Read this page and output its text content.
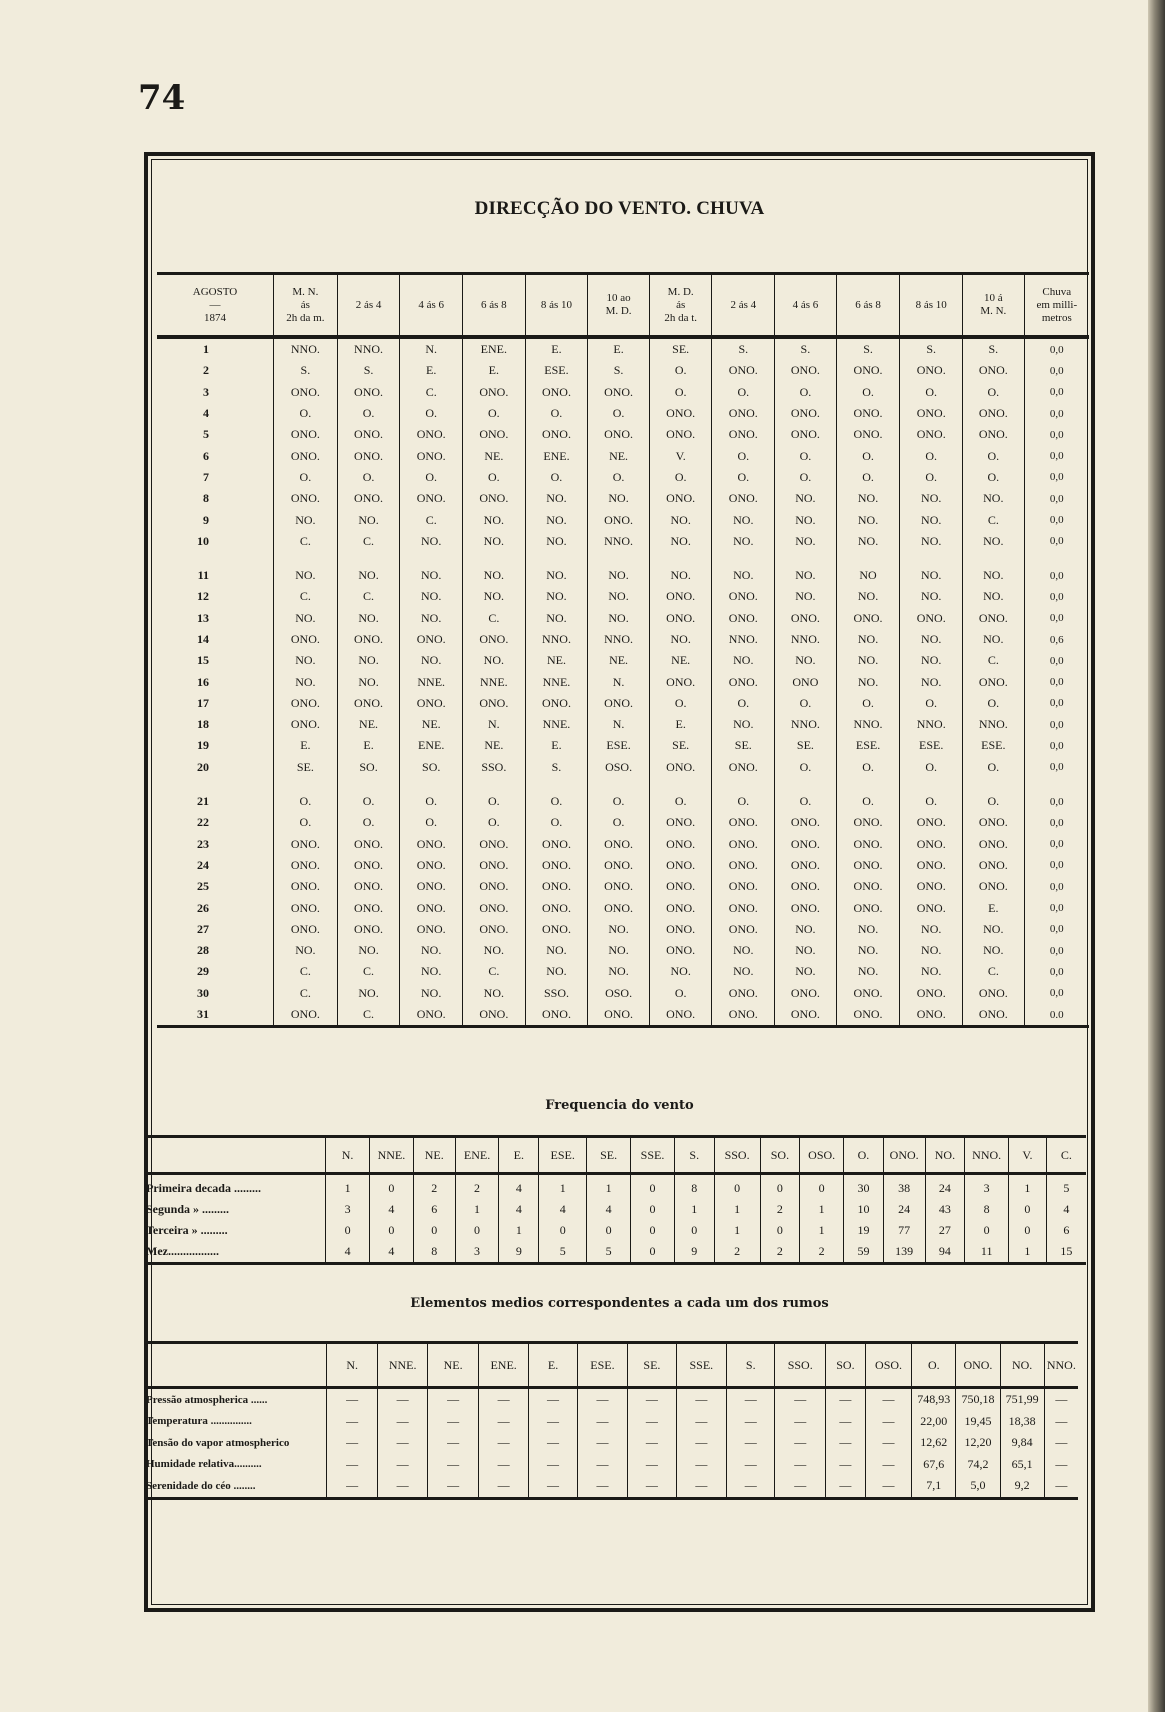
74
DIRECÇÃO DO VENTO. CHUVA
AGOSTO
—
1874	M. N.
ás
2h da m.	2 ás 4	4 ás 6	6 ás 8	8 ás 10	10 ao
M. D.	M. D.
ás
2h da t.	2 ás 4	4 ás 6	6 ás 8	8 ás 10	10 á
M. N.	Chuva
em milli-
metros
1	NNO.	NNO.	N.	ENE.	E.	E.	SE.	S.	S.	S.	S.	S.	0,0
2	S.	S.	E.	E.	ESE.	S.	O.	ONO.	ONO.	ONO.	ONO.	ONO.	0,0
3	ONO.	ONO.	C.	ONO.	ONO.	ONO.	O.	O.	O.	O.	O.	O.	0,0
4	O.	O.	O.	O.	O.	O.	ONO.	ONO.	ONO.	ONO.	ONO.	ONO.	0,0
5	ONO.	ONO.	ONO.	ONO.	ONO.	ONO.	ONO.	ONO.	ONO.	ONO.	ONO.	ONO.	0,0
6	ONO.	ONO.	ONO.	NE.	ENE.	NE.	V.	O.	O.	O.	O.	O.	0,0
7	O.	O.	O.	O.	O.	O.	O.	O.	O.	O.	O.	O.	0,0
8	ONO.	ONO.	ONO.	ONO.	NO.	NO.	ONO.	ONO.	NO.	NO.	NO.	NO.	0,0
9	NO.	NO.	C.	NO.	NO.	ONO.	NO.	NO.	NO.	NO.	NO.	C.	0,0
10	C.	C.	NO.	NO.	NO.	NNO.	NO.	NO.	NO.	NO.	NO.	NO.	0,0

11	NO.	NO.	NO.	NO.	NO.	NO.	NO.	NO.	NO.	NO	NO.	NO.	0,0
12	C.	C.	NO.	NO.	NO.	NO.	ONO.	ONO.	NO.	NO.	NO.	NO.	0,0
13	NO.	NO.	NO.	C.	NO.	NO.	ONO.	ONO.	ONO.	ONO.	ONO.	ONO.	0,0
14	ONO.	ONO.	ONO.	ONO.	NNO.	NNO.	NO.	NNO.	NNO.	NO.	NO.	NO.	0,6
15	NO.	NO.	NO.	NO.	NE.	NE.	NE.	NO.	NO.	NO.	NO.	C.	0,0
16	NO.	NO.	NNE.	NNE.	NNE.	N.	ONO.	ONO.	ONO	NO.	NO.	ONO.	0,0
17	ONO.	ONO.	ONO.	ONO.	ONO.	ONO.	O.	O.	O.	O.	O.	O.	0,0
18	ONO.	NE.	NE.	N.	NNE.	N.	E.	NO.	NNO.	NNO.	NNO.	NNO.	0,0
19	E.	E.	ENE.	NE.	E.	ESE.	SE.	SE.	SE.	ESE.	ESE.	ESE.	0,0
20	SE.	SO.	SO.	SSO.	S.	OSO.	ONO.	ONO.	O.	O.	O.	O.	0,0

21	O.	O.	O.	O.	O.	O.	O.	O.	O.	O.	O.	O.	0,0
22	O.	O.	O.	O.	O.	O.	ONO.	ONO.	ONO.	ONO.	ONO.	ONO.	0,0
23	ONO.	ONO.	ONO.	ONO.	ONO.	ONO.	ONO.	ONO.	ONO.	ONO.	ONO.	ONO.	0,0
24	ONO.	ONO.	ONO.	ONO.	ONO.	ONO.	ONO.	ONO.	ONO.	ONO.	ONO.	ONO.	0,0
25	ONO.	ONO.	ONO.	ONO.	ONO.	ONO.	ONO.	ONO.	ONO.	ONO.	ONO.	ONO.	0,0
26	ONO.	ONO.	ONO.	ONO.	ONO.	ONO.	ONO.	ONO.	ONO.	ONO.	ONO.	E.	0,0
27	ONO.	ONO.	ONO.	ONO.	ONO.	NO.	ONO.	ONO.	NO.	NO.	NO.	NO.	0,0
28	NO.	NO.	NO.	NO.	NO.	NO.	ONO.	NO.	NO.	NO.	NO.	NO.	0,0
29	C.	C.	NO.	C.	NO.	NO.	NO.	NO.	NO.	NO.	NO.	C.	0,0
30	C.	NO.	NO.	NO.	SSO.	OSO.	O.	ONO.	ONO.	ONO.	ONO.	ONO.	0,0
31	ONO.	C.	ONO.	ONO.	ONO.	ONO.	ONO.	ONO.	ONO.	ONO.	ONO.	ONO.	0.0
Frequencia do vento
	N.	NNE.	NE.	ENE.	E.	ESE.	SE.	SSE.	S.	SSO.	SO.	OSO.	O.	ONO.	NO.	NNO.	V.	C.
Primeira decada .........	1	0	2	2	4	1	1	0	8	0	0	0	30	38	24	3	1	5
Segunda » .........	3	4	6	1	4	4	4	0	1	1	2	1	10	24	43	8	0	4
Terceira » .........	0	0	0	0	1	0	0	0	0	1	0	1	19	77	27	0	0	6
Mez.................	4	4	8	3	9	5	5	0	9	2	2	2	59	139	94	11	1	15
Elementos medios correspondentes a cada um dos rumos
	N.	NNE.	NE.	ENE.	E.	ESE.	SE.	SSE.	S.	SSO.	SO.	OSO.	O.	ONO.	NO.	NNO.
Pressão atmospherica ......	—	—	—	—	—	—	—	—	—	—	—	—	748,93	750,18	751,99	—
Temperatura ...............	—	—	—	—	—	—	—	—	—	—	—	—	22,00	19,45	18,38	—
Tensão do vapor atmospherico	—	—	—	—	—	—	—	—	—	—	—	—	12,62	12,20	9,84	—
Humidade relativa..........	—	—	—	—	—	—	—	—	—	—	—	—	67,6	74,2	65,1	—
Serenidade do céo ........	—	—	—	—	—	—	—	—	—	—	—	—	7,1	5,0	9,2	—
